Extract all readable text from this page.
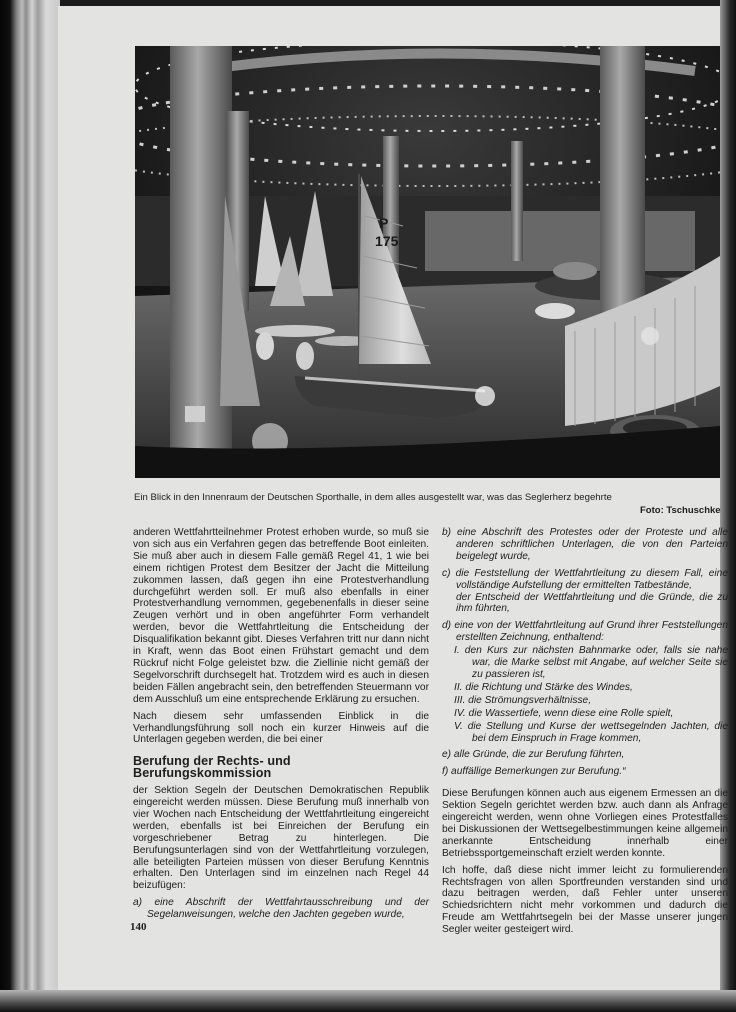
P
175
Ein Blick in den Innenraum der Deutschen Sporthalle, in dem alles ausgestellt war, was das Seglerherz begehrte
Foto: Tschuschke

anderen Wettfahrtteilnehmer Protest erhoben wurde, so muß sie von sich aus ein Verfahren gegen das betreffende Boot einleiten. Sie muß aber auch in diesem Falle gemäß Regel 41, 1 wie bei einem richtigen Protest dem Besitzer der Jacht die Mitteilung zukommen lassen, daß gegen ihn eine Protestverhandlung durchgeführt werden soll. Er muß also ebenfalls in einer Protestverhandlung vernommen, gegebenenfalls in dieser seine Zeugen verhört und in oben angeführter Form verhandelt werden, bevor die Wettfahrtleitung die Entscheidung der Disqualifikation bekannt gibt. Dieses Verfahren tritt nur dann nicht in Kraft, wenn das Boot einen Frühstart gemacht und dem Rückruf nicht Folge geleistet bzw. die Ziellinie nicht gemäß der Segelvorschrift durchsegelt hat. Trotzdem wird es auch in diesen beiden Fällen angebracht sein, den betreffenden Steuermann vor dem Ausschluß um eine entsprechende Erklärung zu ersuchen.

Nach diesem sehr umfassenden Einblick in die Verhandlungsführung soll noch ein kurzer Hinweis auf die Unterlagen gegeben werden, die bei einer

Berufung der Rechts- und Berufungskommission

der Sektion Segeln der Deutschen Demokratischen Republik eingereicht werden müssen. Diese Berufung muß innerhalb von vier Wochen nach Entscheidung der Wettfahrtleitung eingereicht werden, ebenfalls ist bei Einreichen der Berufung ein vorgeschriebener Betrag zu hinterlegen. Die Berufungsunterlagen sind von der Wettfahrtleitung vorzulegen, alle beteiligten Parteien müssen von dieser Berufung Kenntnis erhalten. Den Unterlagen sind im einzelnen nach Regel 44 beizufügen:

a) eine Abschrift der Wettfahrtausschreibung und der Segelanweisungen, welche den Jachten gegeben wurde,

b) eine Abschrift des Protestes oder der Proteste und alle anderen schriftlichen Unterlagen, die von den Parteien beigelegt wurde,

c) die Feststellung der Wettfahrtleitung zu diesem Fall, eine vollständige Aufstellung der ermittelten Tatbestände,

der Entscheid der Wettfahrtleitung und die Gründe, die zu ihm führten,

d) eine von der Wettfahrtleitung auf Grund ihrer Feststellungen erstellten Zeichnung, enthaltend:

I. den Kurs zur nächsten Bahnmarke oder, falls sie nahe war, die Marke selbst mit Angabe, auf welcher Seite sie zu passieren ist,

II. die Richtung und Stärke des Windes,

III. die Strömungsverhältnisse,

IV. die Wassertiefe, wenn diese eine Rolle spielt,

V. die Stellung und Kurse der wettsegelnden Jachten, die bei dem Einspruch in Frage kommen,

e) alle Gründe, die zur Berufung führten,

f) auffällige Bemerkungen zur Berufung.“

Diese Berufungen können auch aus eigenem Ermessen an die Sektion Segeln gerichtet werden bzw. auch dann als Anfrage eingereicht werden, wenn ohne Vorliegen eines Protestfalles bei Diskussionen der Wettsegelbestimmungen keine allgemein anerkannte Entscheidung innerhalb einer Betriebssportgemeinschaft erzielt werden konnte.

Ich hoffe, daß diese nicht immer leicht zu formulierenden Rechtsfragen von allen Sportfreunden verstanden sind und dazu beitragen werden, daß Fehler unter unseren Schiedsrichtern nicht mehr vorkommen und dadurch die Freude am Wettfahrtsegeln bei der Masse unserer jungen Segler weiter gesteigert wird.

140
